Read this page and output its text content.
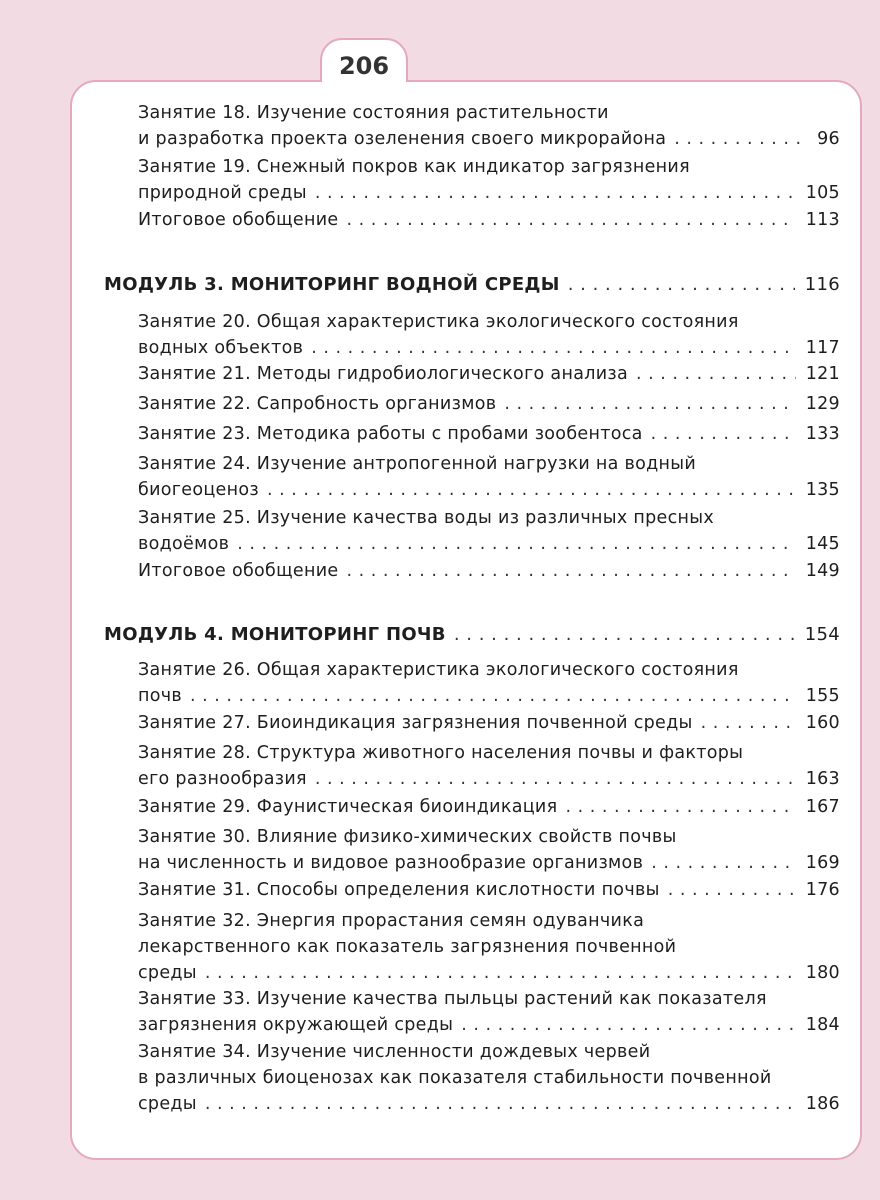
206
Занятие 18. Изучение состояния растительности
и разработка проекта озеленения своего микрорайона . . .	96
Занятие 19. Снежный покров как индикатор загрязнения
природной среды . . .	105
Итоговое обобщение . . .	113
МОДУЛЬ 3. МОНИТОРИНГ ВОДНОЙ СРЕДЫ . . .	116
Занятие 20. Общая характеристика экологического состояния
водных объектов . . .	117
Занятие 21. Методы гидробиологического анализа . . .	121
Занятие 22. Сапробность организмов . . .	129
Занятие 23. Методика работы с пробами зообентоса . . .	133
Занятие 24. Изучение антропогенной нагрузки на водный
биогеоценоз . . .	135
Занятие 25. Изучение качества воды из различных пресных
водоёмов . . .	145
Итоговое обобщение . . .	149
МОДУЛЬ 4. МОНИТОРИНГ ПОЧВ . . .	154
Занятие 26. Общая характеристика экологического состояния
почв . . .	155
Занятие 27. Биоиндикация загрязнения почвенной среды . . .	160
Занятие 28. Структура животного населения почвы и факторы
его разнообразия . . .	163
Занятие 29. Фаунистическая биоиндикация . . .	167
Занятие 30. Влияние физико-химических свойств почвы
на численность и видовое разнообразие организмов . . .	169
Занятие 31. Способы определения кислотности почвы . . .	176
Занятие 32. Энергия прорастания семян одуванчика
лекарственного как показатель загрязнения почвенной
среды . . .	180
Занятие 33. Изучение качества пыльцы растений как показателя
загрязнения окружающей среды . . .	184
Занятие 34. Изучение численности дождевых червей
в различных биоценозах как показателя стабильности почвенной
среды . . .	186
